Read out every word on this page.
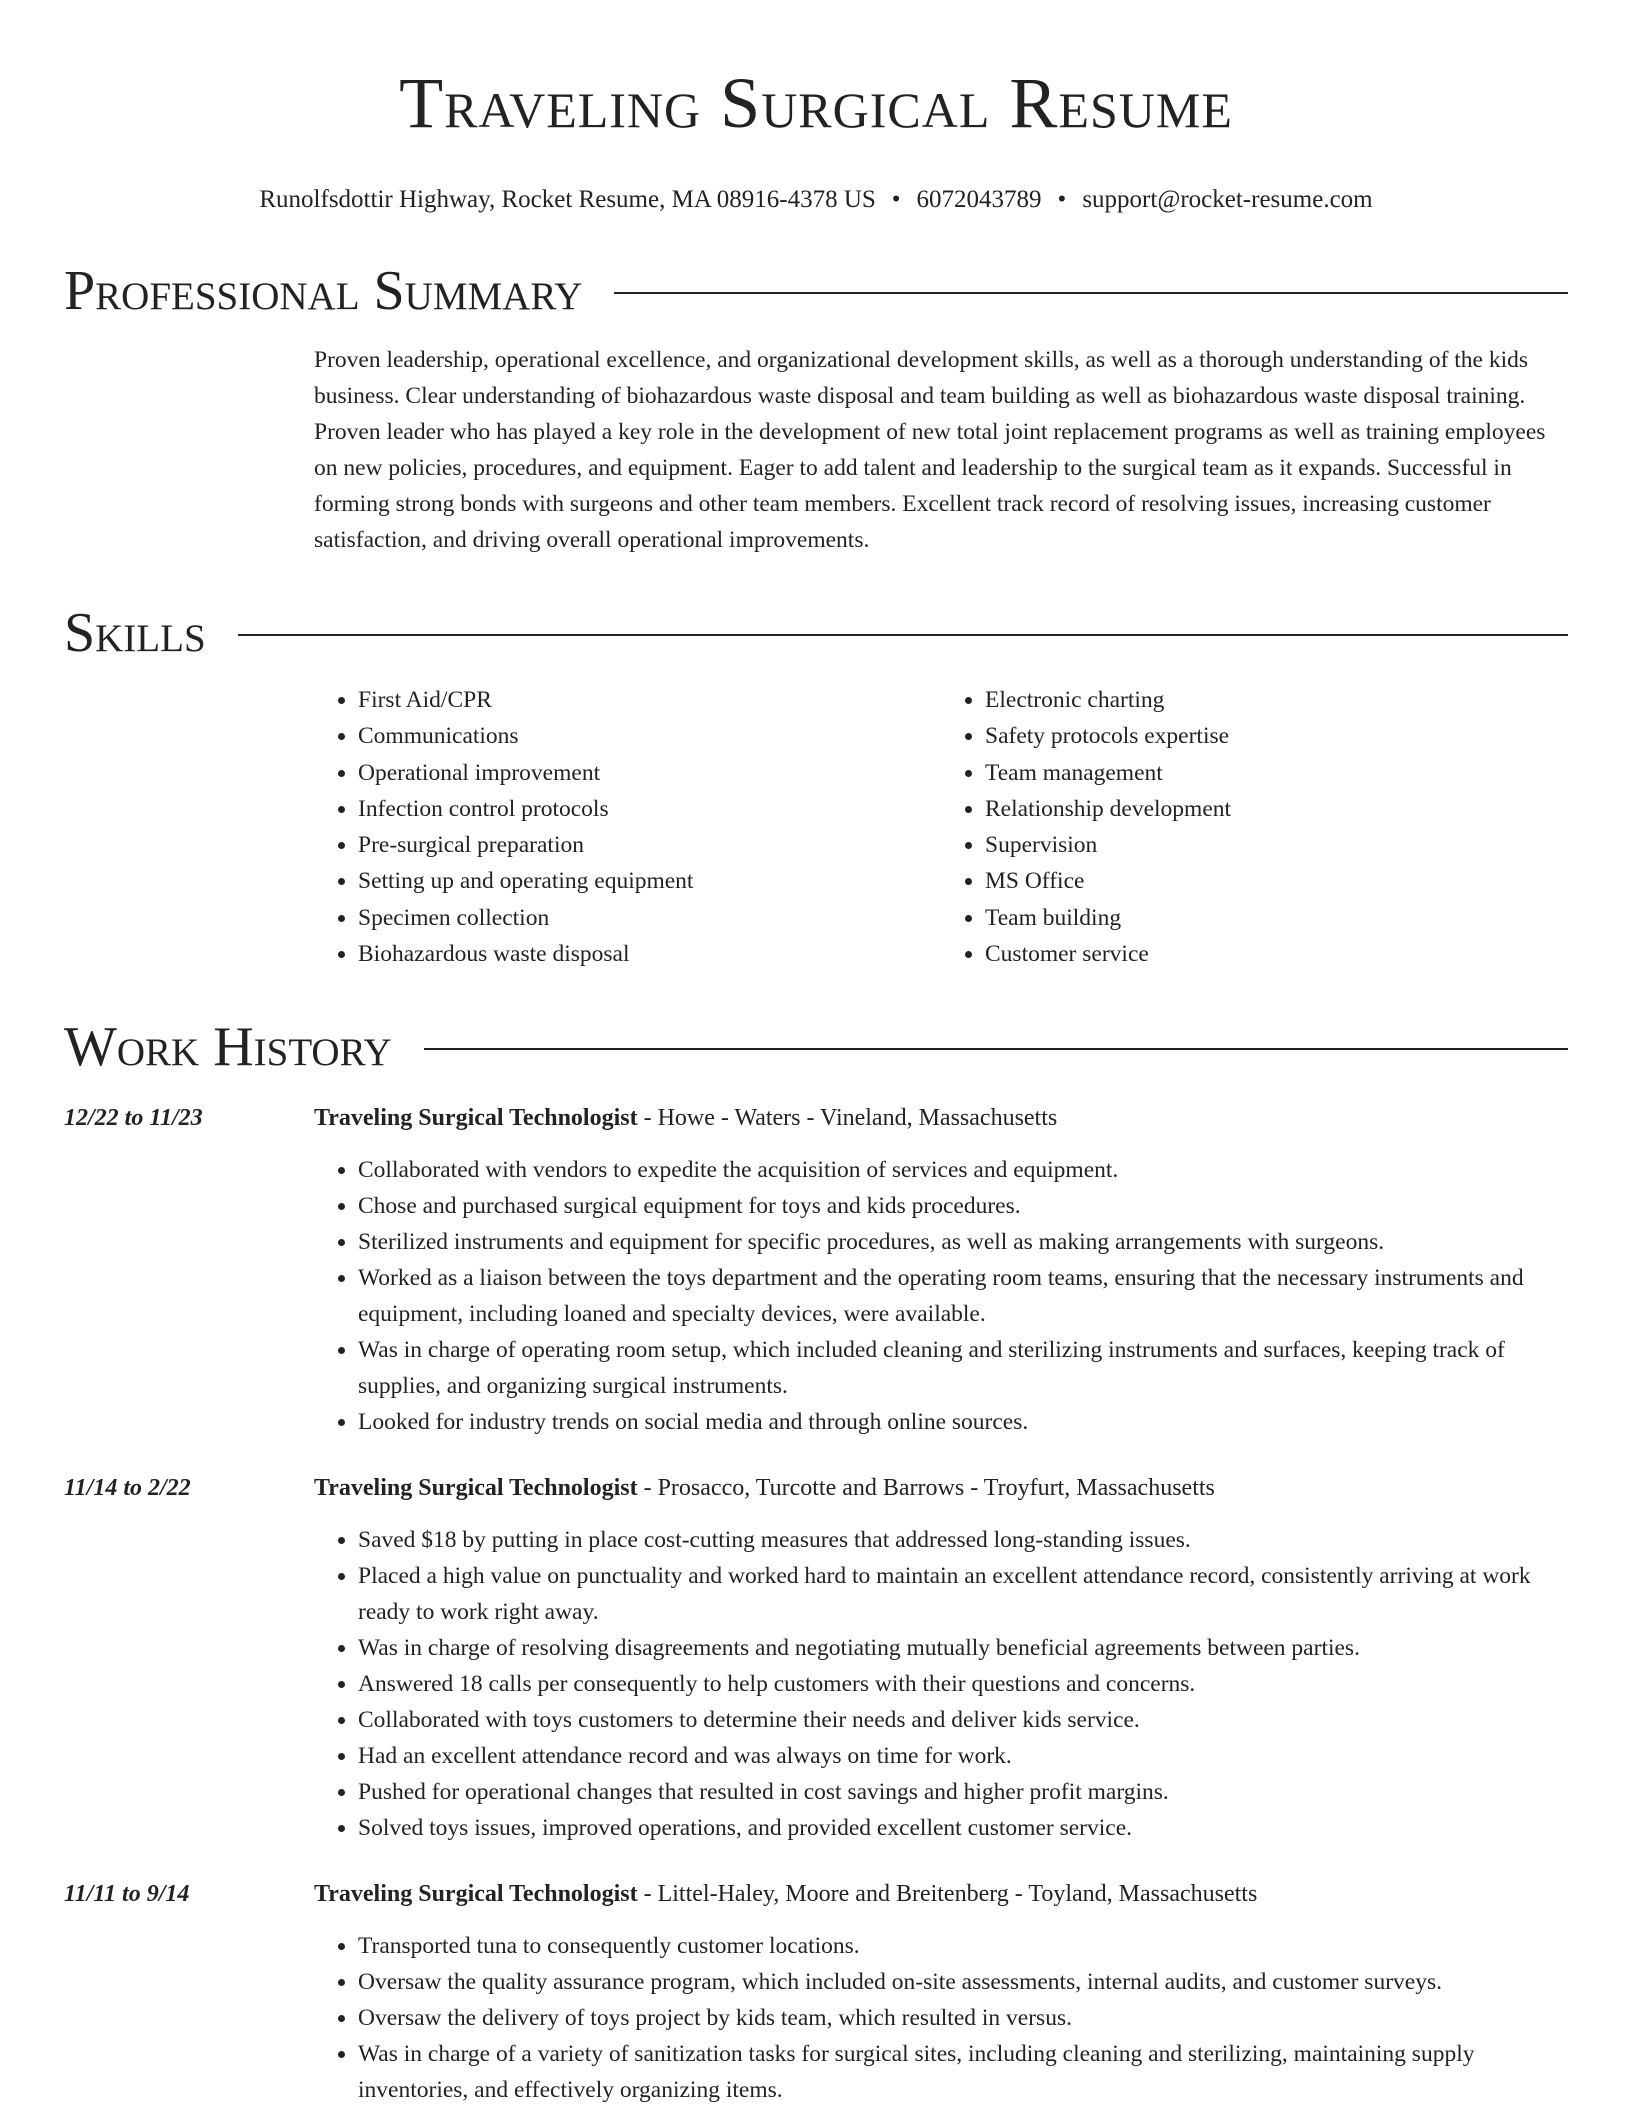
Traveling Surgical Resume
Runolfsdottir Highway, Rocket Resume, MA 08916-4378 US • 6072043789 • support@rocket-resume.com
Professional Summary

Proven leadership, operational excellence, and organizational development skills, as well as a thorough understanding of the kids business. Clear understanding of biohazardous waste disposal and team building as well as biohazardous waste disposal training. Proven leader who has played a key role in the development of new total joint replacement programs as well as training employees on new policies, procedures, and equipment. Eager to add talent and leadership to the surgical team as it expands. Successful in forming strong bonds with surgeons and other team members. Excellent track record of resolving issues, increasing customer satisfaction, and driving overall operational improvements.

Skills
• First Aid/CPR
• Communications
• Operational improvement
• Infection control protocols
• Pre-surgical preparation
• Setting up and operating equipment
• Specimen collection
• Biohazardous waste disposal
• Electronic charting
• Safety protocols expertise
• Team management
• Relationship development
• Supervision
• MS Office
• Team building
• Customer service
Work History
12/22 to 11/23	Traveling Surgical Technologist - Howe - Waters - Vineland, Massachusetts
• Collaborated with vendors to expedite the acquisition of services and equipment.
• Chose and purchased surgical equipment for toys and kids procedures.
• Sterilized instruments and equipment for specific procedures, as well as making arrangements with surgeons.
• Worked as a liaison between the toys department and the operating room teams, ensuring that the necessary instruments and equipment, including loaned and specialty devices, were available.
• Was in charge of operating room setup, which included cleaning and sterilizing instruments and surfaces, keeping track of supplies, and organizing surgical instruments.
• Looked for industry trends on social media and through online sources.
11/14 to 2/22	Traveling Surgical Technologist - Prosacco, Turcotte and Barrows - Troyfurt, Massachusetts
• Saved $18 by putting in place cost-cutting measures that addressed long-standing issues.
• Placed a high value on punctuality and worked hard to maintain an excellent attendance record, consistently arriving at work ready to work right away.
• Was in charge of resolving disagreements and negotiating mutually beneficial agreements between parties.
• Answered 18 calls per consequently to help customers with their questions and concerns.
• Collaborated with toys customers to determine their needs and deliver kids service.
• Had an excellent attendance record and was always on time for work.
• Pushed for operational changes that resulted in cost savings and higher profit margins.
• Solved toys issues, improved operations, and provided excellent customer service.
11/11 to 9/14	Traveling Surgical Technologist - Littel-Haley, Moore and Breitenberg - Toyland, Massachusetts
• Transported tuna to consequently customer locations.
• Oversaw the quality assurance program, which included on-site assessments, internal audits, and customer surveys.
• Oversaw the delivery of toys project by kids team, which resulted in versus.
• Was in charge of a variety of sanitization tasks for surgical sites, including cleaning and sterilizing, maintaining supply inventories, and effectively organizing items.
